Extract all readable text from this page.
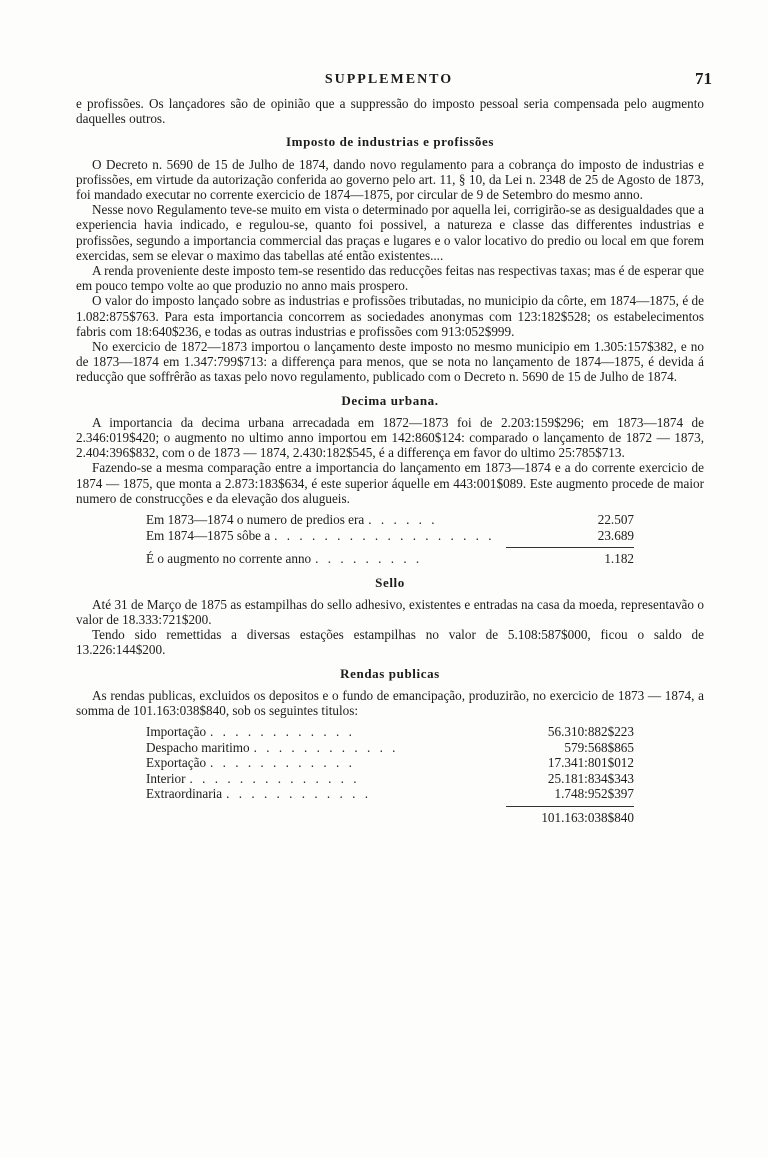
SUPPLEMENTO	71

e profissões. Os lançadores são de opinião que a suppressão do imposto pessoal seria compensada pelo augmento daquelles outros.

Imposto de industrias e profissões

O Decreto n. 5690 de 15 de Julho de 1874, dando novo regulamento para a cobrança do imposto de industrias e profissões, em virtude da autorização conferida ao governo pelo art. 11, § 10, da Lei n. 2348 de 25 de Agosto de 1873, foi mandado executar no corrente exercicio de 1874—1875, por circular de 9 de Setembro do mesmo anno.

Nesse novo Regulamento teve-se muito em vista o determinado por aquella lei, corrigirão-se as desigualdades que a experiencia havia indicado, e regulou-se, quanto foi possivel, a natureza e classe das differentes industrias e profissões, segundo a importancia commercial das praças e lugares e o valor locativo do predio ou local em que forem exercidas, sem se elevar o maximo das tabellas até então existentes....

A renda proveniente deste imposto tem-se resentido das reducções feitas nas respectivas taxas; mas é de esperar que em pouco tempo volte ao que produzio no anno mais prospero.

O valor do imposto lançado sobre as industrias e profissões tributadas, no municipio da côrte, em 1874—1875, é de 1.082:875$763. Para esta importancia concorrem as sociedades anonymas com 123:182$528; os estabelecimentos fabris com 18:640$236, e todas as outras industrias e profissões com 913:052$999.

No exercicio de 1872—1873 importou o lançamento deste imposto no mesmo municipio em 1.305:157$382, e no de 1873—1874 em 1.347:799$713: a differença para menos, que se nota no lançamento de 1874—1875, é devida á reducção que soffrêrão as taxas pelo novo regulamento, publicado com o Decreto n. 5690 de 15 de Julho de 1874.

Decima urbana.

A importancia da decima urbana arrecadada em 1872—1873 foi de 2.203:159$296; em 1873—1874 de 2.346:019$420; o augmento no ultimo anno importou em 142:860$124: comparado o lançamento de 1872 — 1873, 2.404:396$832, com o de 1873 — 1874, 2.430:182$545, é a differença em favor do ultimo 25:785$713.

Fazendo-se a mesma comparação entre a importancia do lançamento em 1873—1874 e a do corrente exercicio de 1874 — 1875, que monta a 2.873:183$634, é este superior áquelle em 443:001$089. Este augmento procede de maior numero de construcções e da elevação dos alugueis.

Em 1873—1874 o numero de predios era . . . . . .	22.507
Em 1874—1875 sôbe a . . . . . . . . . . . . . . . . . .	23.689
É o augmento no corrente anno . . . . . . . . .	1.182
Sello

Até 31 de Março de 1875 as estampilhas do sello adhesivo, existentes e entradas na casa da moeda, representavão o valor de 18.333:721$200.

Tendo sido remettidas a diversas estações estampilhas no valor de 5.108:587$000, ficou o saldo de 13.226:144$200.

Rendas publicas

As rendas publicas, excluidos os depositos e o fundo de emancipação, produzirão, no exercicio de 1873 — 1874, a somma de 101.163:038$840, sob os seguintes titulos:

Importação . . . . . . . . . . . .	56.310:882$223
Despacho maritimo . . . . . . . . . . . .	579:568$865
Exportação . . . . . . . . . . . .	17.341:801$012
Interior . . . . . . . . . . . . . .	25.181:834$343
Extraordinaria . . . . . . . . . . . .	1.748:952$397
101.163:038$840
